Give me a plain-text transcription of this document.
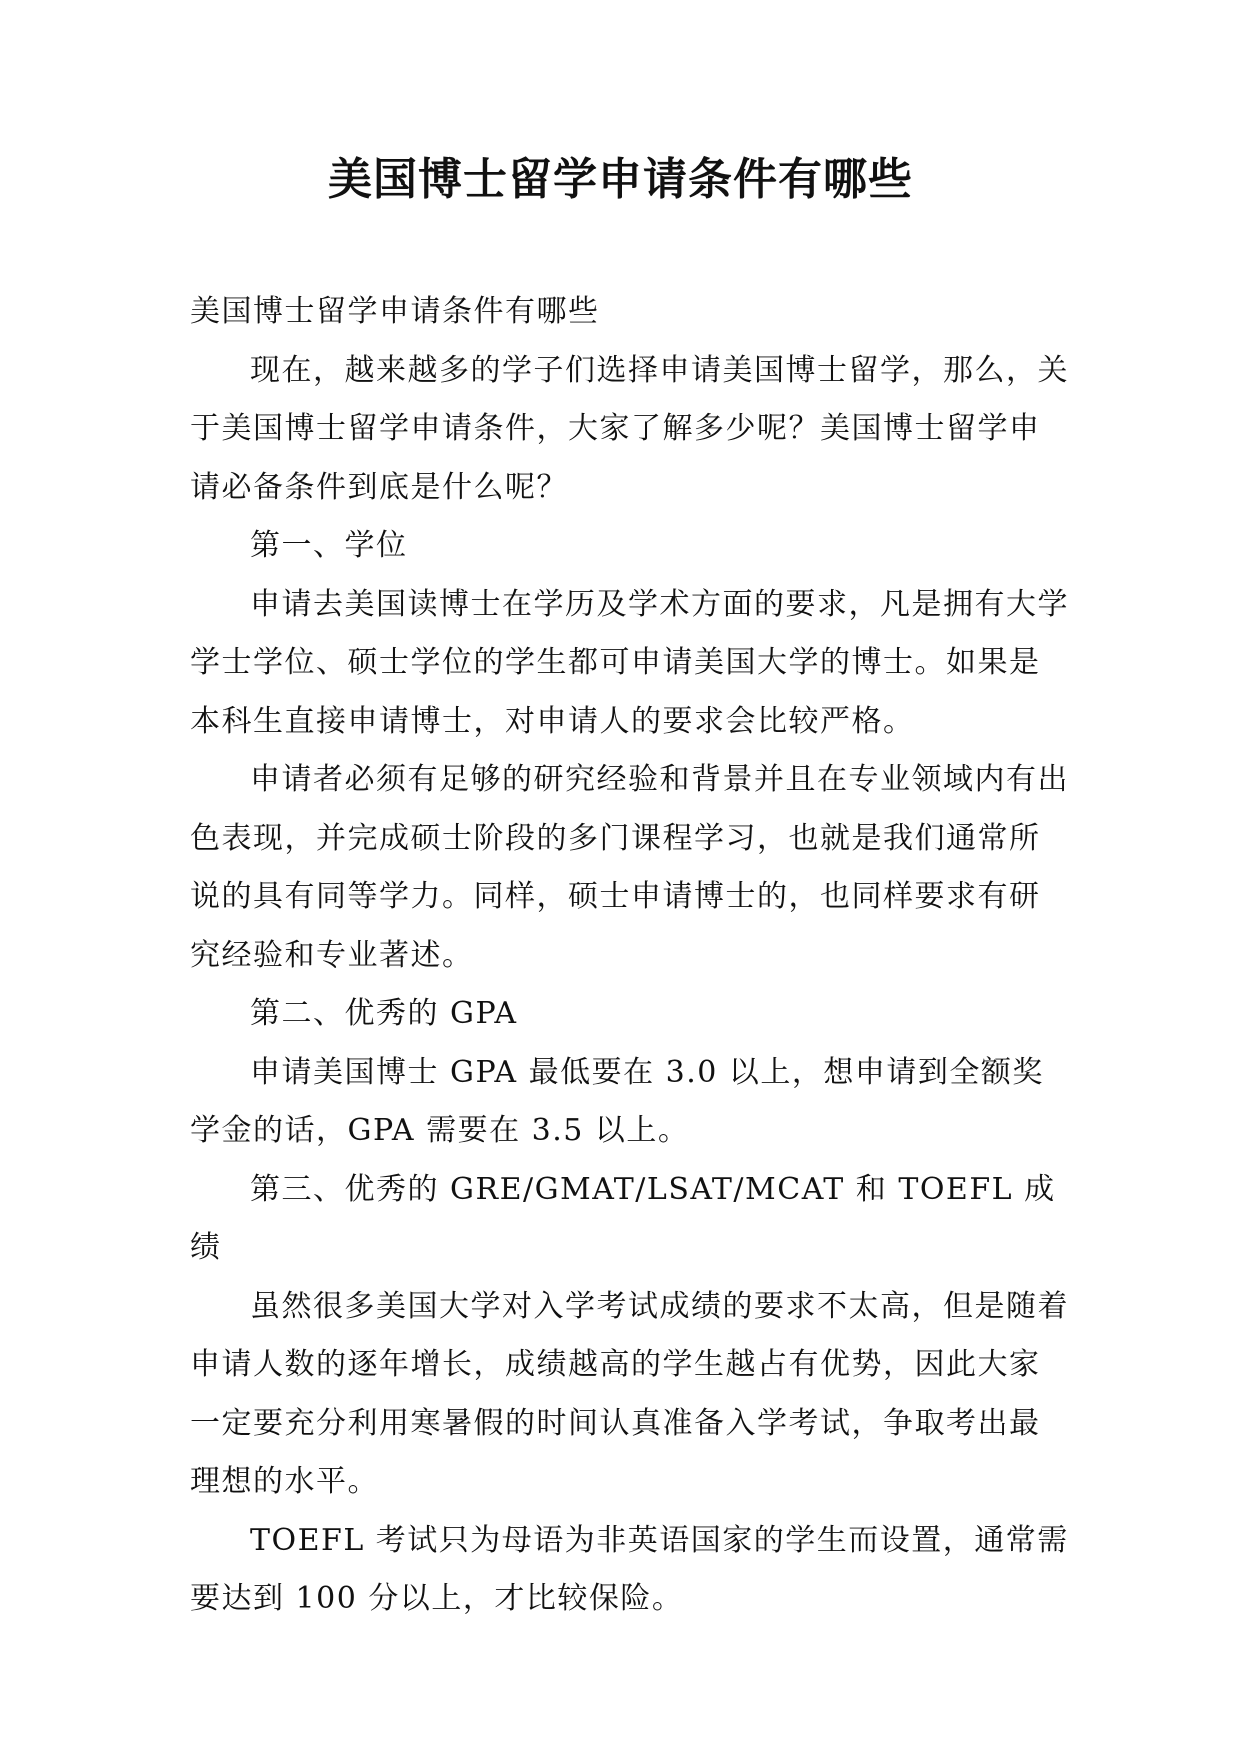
美国博士留学申请条件有哪些

美国博士留学申请条件有哪些

现在，越来越多的学子们选择申请美国博士留学，那么，关于美国博士留学申请条件，大家了解多少呢？美国博士留学申请必备条件到底是什么呢？

第一、学位

申请去美国读博士在学历及学术方面的要求，凡是拥有大学学士学位、硕士学位的学生都可申请美国大学的博士。如果是本科生直接申请博士，对申请人的要求会比较严格。

申请者必须有足够的研究经验和背景并且在专业领域内有出色表现，并完成硕士阶段的多门课程学习，也就是我们通常所说的具有同等学力。同样，硕士申请博士的，也同样要求有研究经验和专业著述。

第二、优秀的 GPA

申请美国博士 GPA 最低要在 3.0 以上，想申请到全额奖学金的话，GPA 需要在 3.5 以上。

第三、优秀的 GRE/GMAT/LSAT/MCAT 和 TOEFL 成绩

虽然很多美国大学对入学考试成绩的要求不太高，但是随着申请人数的逐年增长，成绩越高的学生越占有优势，因此大家一定要充分利用寒暑假的时间认真准备入学考试，争取考出最理想的水平。

TOEFL 考试只为母语为非英语国家的学生而设置，通常需要达到 100 分以上，才比较保险。
